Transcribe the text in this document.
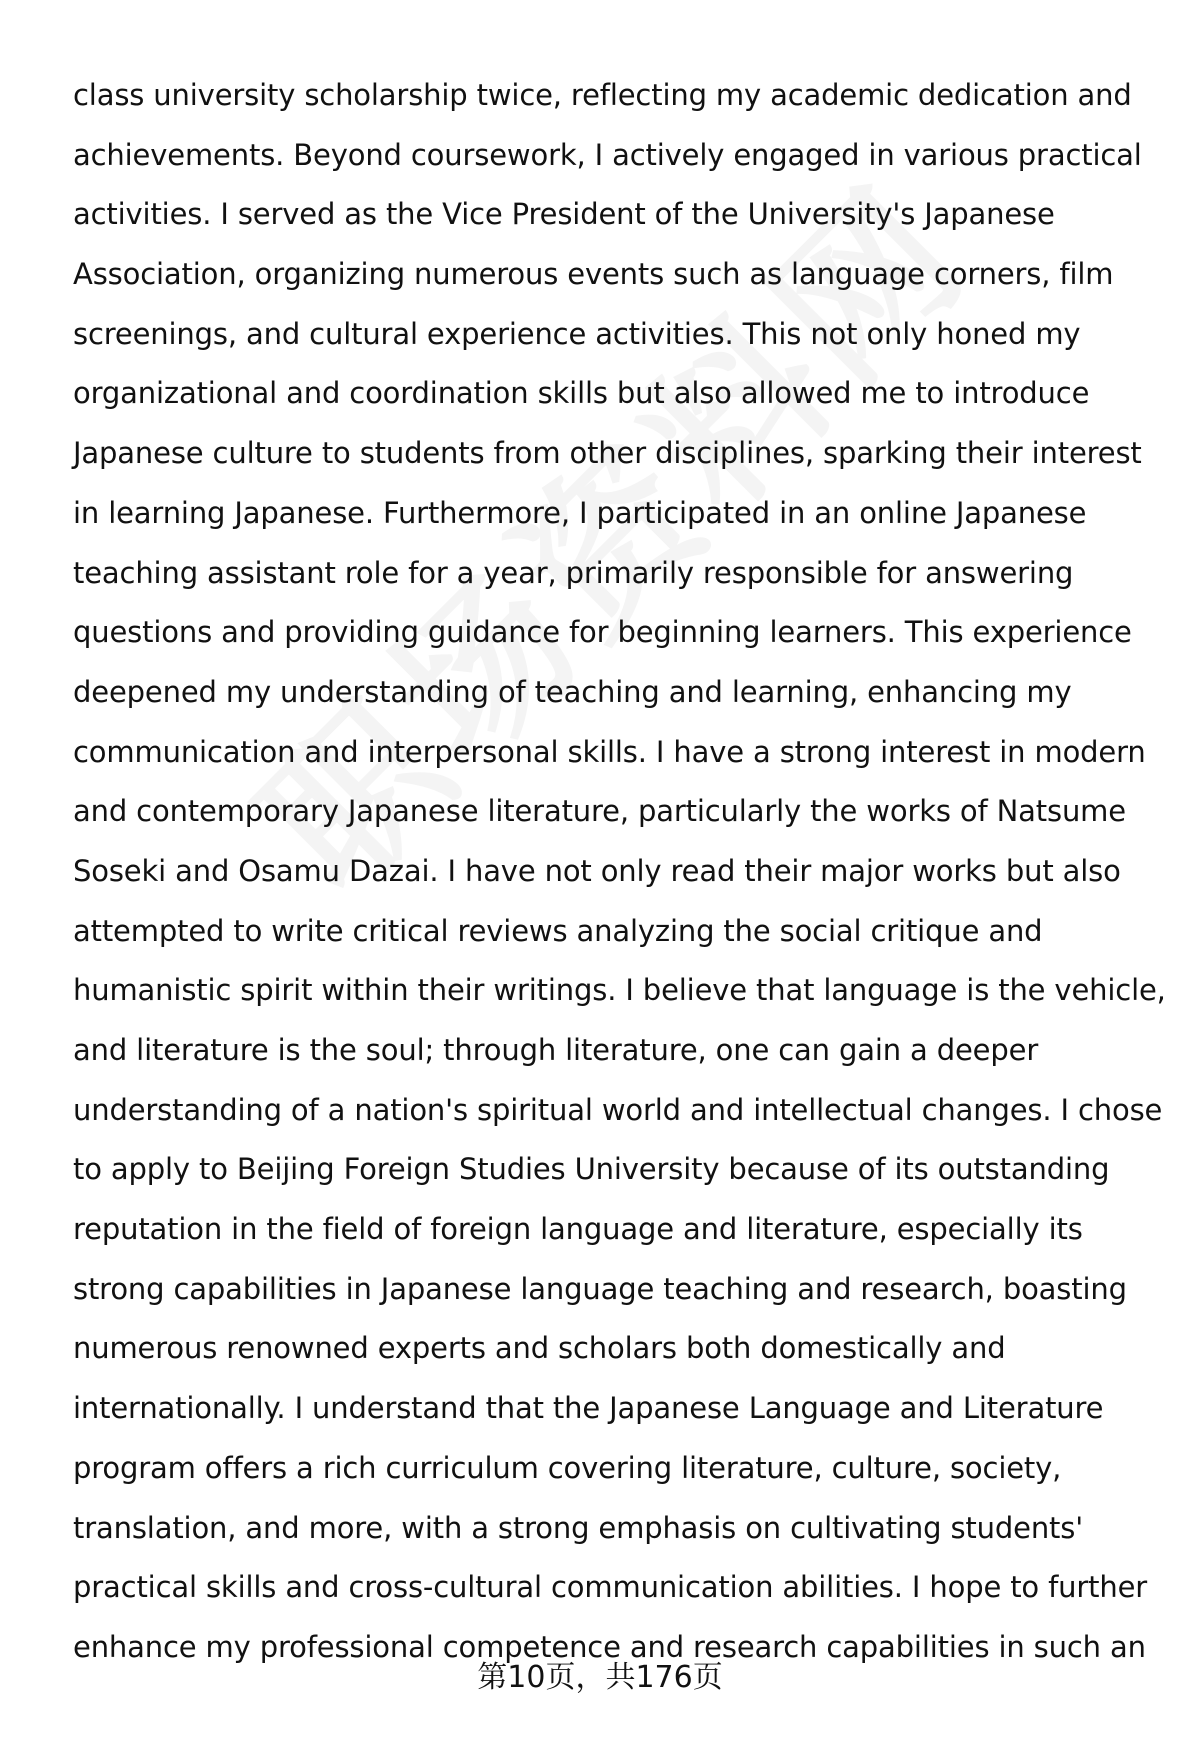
class university scholarship twice, reflecting my academic dedication and
achievements. Beyond coursework, I actively engaged in various practical
activities. I served as the Vice President of the University's Japanese
Association, organizing numerous events such as language corners, film
screenings, and cultural experience activities. This not only honed my
organizational and coordination skills but also allowed me to introduce
Japanese culture to students from other disciplines, sparking their interest
in learning Japanese. Furthermore, I participated in an online Japanese
teaching assistant role for a year, primarily responsible for answering
questions and providing guidance for beginning learners. This experience
deepened my understanding of teaching and learning, enhancing my
communication and interpersonal skills. I have a strong interest in modern
and contemporary Japanese literature, particularly the works of Natsume
Soseki and Osamu Dazai. I have not only read their major works but also
attempted to write critical reviews analyzing the social critique and
humanistic spirit within their writings. I believe that language is the vehicle,
and literature is the soul; through literature, one can gain a deeper
understanding of a nation's spiritual world and intellectual changes. I chose
to apply to Beijing Foreign Studies University because of its outstanding
reputation in the field of foreign language and literature, especially its
strong capabilities in Japanese language teaching and research, boasting
numerous renowned experts and scholars both domestically and
internationally. I understand that the Japanese Language and Literature
program offers a rich curriculum covering literature, culture, society,
translation, and more, with a strong emphasis on cultivating students'
practical skills and cross-cultural communication abilities. I hope to further
enhance my professional competence and research capabilities in such an
第10页，共176页
